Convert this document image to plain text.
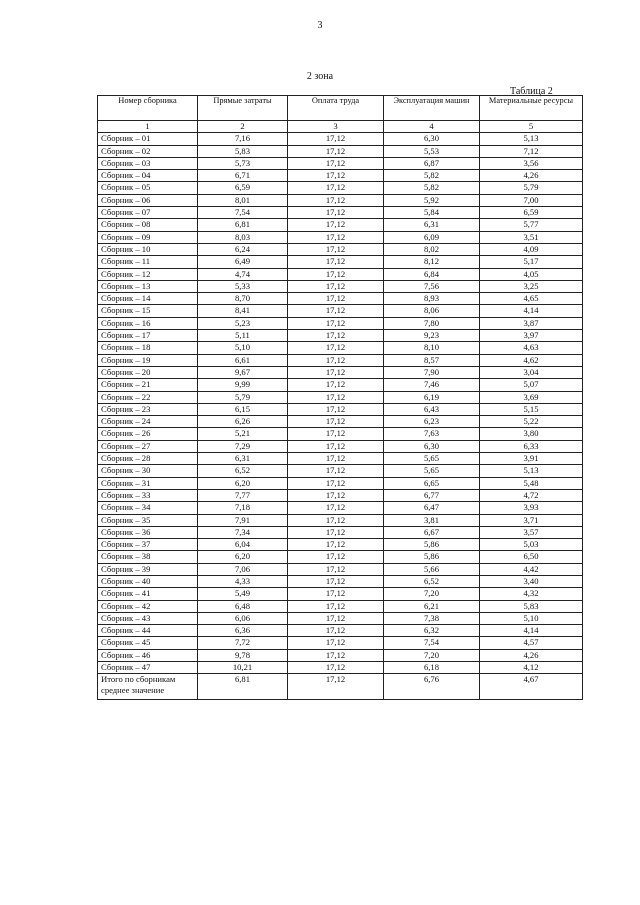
3
2 зона
Таблица 2
Номер сборника	Прямые затраты	Оплата труда	Эксплуатация машин	Материальные ресурсы
1	2	3	4	5
Сборник – 01	7,16	17,12	6,30	5,13
Сборник – 02	5,83	17,12	5,53	7,12
Сборник – 03	5,73	17,12	6,87	3,56
Сборник – 04	6,71	17,12	5,82	4,26
Сборник – 05	6,59	17,12	5,82	5,79
Сборник – 06	8,01	17,12	5,92	7,00
Сборник – 07	7,54	17,12	5,84	6,59
Сборник – 08	6,81	17,12	6,31	5,77
Сборник – 09	8,03	17,12	6,09	3,51
Сборник – 10	6,24	17,12	8,02	4,09
Сборник – 11	6,49	17,12	8,12	5,17
Сборник – 12	4,74	17,12	6,84	4,05
Сборник – 13	5,33	17,12	7,56	3,25
Сборник – 14	8,70	17,12	8,93	4,65
Сборник – 15	8,41	17,12	8,06	4,14
Сборник – 16	5,23	17,12	7,80	3,87
Сборник – 17	5,11	17,12	9,23	3,97
Сборник – 18	5,10	17,12	8,10	4,63
Сборник – 19	6,61	17,12	8,57	4,62
Сборник – 20	9,67	17,12	7,90	3,04
Сборник – 21	9,99	17,12	7,46	5,07
Сборник – 22	5,79	17,12	6,19	3,69
Сборник – 23	6,15	17,12	6,43	5,15
Сборник – 24	6,26	17,12	6,23	5,22
Сборник – 26	5,21	17,12	7,63	3,80
Сборник – 27	7,29	17,12	6,30	6,33
Сборник – 28	6,31	17,12	5,65	3,91
Сборник – 30	6,52	17,12	5,65	5,13
Сборник – 31	6,20	17,12	6,65	5,48
Сборник – 33	7,77	17,12	6,77	4,72
Сборник – 34	7,18	17,12	6,47	3,93
Сборник – 35	7,91	17,12	3,81	3,71
Сборник – 36	7,34	17,12	6,67	3,57
Сборник – 37	6,04	17,12	5,86	5,03
Сборник – 38	6,20	17,12	5,86	6,50
Сборник – 39	7,06	17,12	5,66	4,42
Сборник – 40	4,33	17,12	6,52	3,40
Сборник – 41	5,49	17,12	7,20	4,32
Сборник – 42	6,48	17,12	6,21	5,83
Сборник – 43	6,06	17,12	7,38	5,10
Сборник – 44	6,36	17,12	6,32	4,14
Сборник – 45	7,72	17,12	7,54	4,57
Сборник – 46	9,78	17,12	7,20	4,26
Сборник – 47	10,21	17,12	6,18	4,12
Итого по сборникам среднее значение	6,81	17,12	6,76	4,67
